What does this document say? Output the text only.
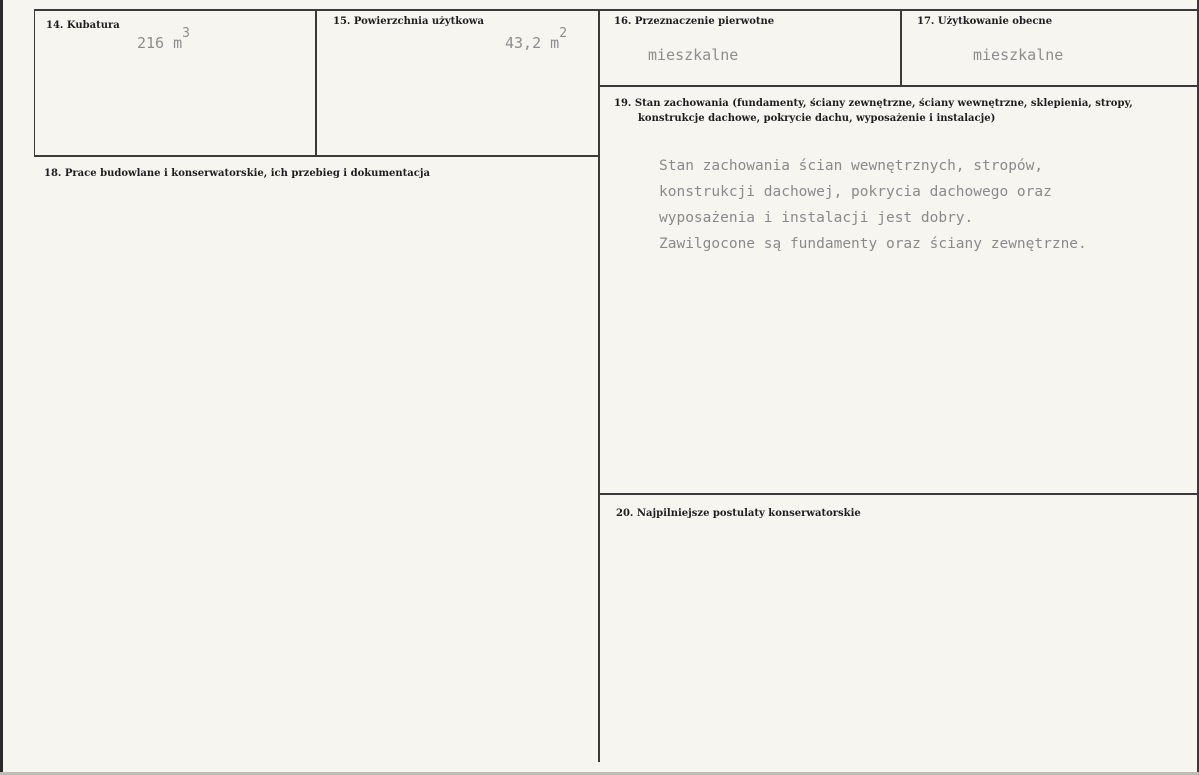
14. Kubatura
216 m3
15. Powierzchnia użytkowa
43,2 m2
16. Przeznaczenie pierwotne
mieszkalne
17. Użytkowanie obecne
mieszkalne
18. Prace budowlane i konserwatorskie, ich przebieg i dokumentacja
19. Stan zachowania (fundamenty, ściany zewnętrzne, ściany wewnętrzne, sklepienia, stropy,
konstrukcje dachowe, pokrycie dachu, wyposażenie i instalacje)
Stan zachowania ścian wewnętrznych, stropów,
konstrukcji dachowej, pokrycia dachowego oraz
wyposażenia i instalacji jest dobry.
Zawilgocone są fundamenty oraz ściany zewnętrzne.
20. Najpilniejsze postulaty konserwatorskie
